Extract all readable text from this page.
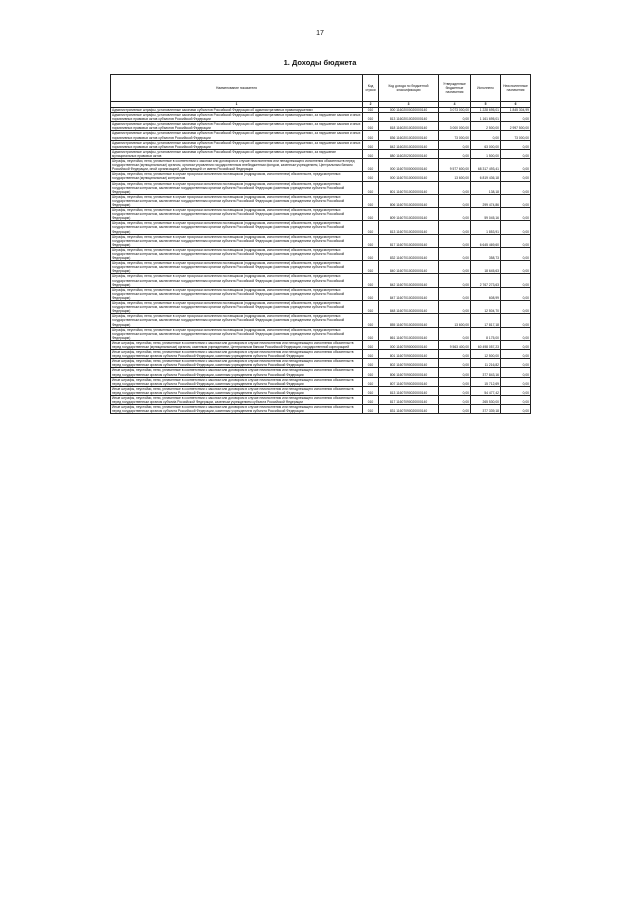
17
1. Доходы бюджета
Наименование показателя	Код строки	Код дохода по бюджетной классификации	Утвержденные бюджетные назначения	Исполнено	Неисполненные назначения
1	2	3	4	5	6
Административные штрафы, установленные законами субъектов Российской Федерации об административных правонарушениях	010	000 11602000020000140	3 073 000,00	1 228 695,01	1 845 304,99
Административные штрафы, установленные законами субъектов Российской Федерации об административных правонарушениях, за нарушение законов и иных нормативных правовых актов субъектов Российской Федерации	010	813 11602010020000140	0,00	1 161 695,01	0,00
Административные штрафы, установленные законами субъектов Российской Федерации об административных правонарушениях, за нарушение законов и иных нормативных правовых актов субъектов Российской Федерации	010	818 11602010020000140	3 000 000,00	2 500,00	2 997 500,00
Административные штрафы, установленные законами субъектов Российской Федерации об административных правонарушениях, за нарушение законов и иных нормативных правовых актов субъектов Российской Федерации	010	836 11602010020000140	73 000,00	0,00	73 000,00
Административные штрафы, установленные законами субъектов Российской Федерации об административных правонарушениях, за нарушение законов и иных нормативных правовых актов субъектов Российской Федерации	010	842 11602010020000140	0,00	63 000,00	0,00
Административные штрафы, установленные законами субъектов Российской Федерации об административных правонарушениях, за нарушение муниципальных правовых актов	010	880 11602020020000140	0,00	1 500,00	0,00
Штрафы, неустойки, пени, уплаченные в соответствии с законом или договором в случае неисполнения или ненадлежащего исполнения обязательств перед государственным (муниципальным) органом, органом управления государственным внебюджетным фондом, казенным учреждением, Центральным банком Российской Федерации, иной организацией, действующей от имени Российской Федерации	010	000 11607000000000140	9 577 600,00	68 317 493,41	0,00
Штрафы, неустойки, пени, уплаченные в случае просрочки исполнения поставщиком (подрядчиком, исполнителем) обязательств, предусмотренных государственным (муниципальным) контрактом	010	000 11607010000000140	13 600,00	6 819 436,18	0,00
Штрафы, неустойки, пени, уплаченные в случае просрочки исполнения поставщиком (подрядчиком, исполнителем) обязательств, предусмотренных государственным контрактом, заключенным государственным органом субъекта Российской Федерации (казенным учреждением субъекта Российской Федерации)	010	801 11607010020000140	0,00	138,18	0,00
Штрафы, неустойки, пени, уплаченные в случае просрочки исполнения поставщиком (подрядчиком, исполнителем) обязательств, предусмотренных государственным контрактом, заключенным государственным органом субъекта Российской Федерации (казенным учреждением субъекта Российской Федерации)	010	806 11607010020000140	0,00	299 474,86	0,00
Штрафы, неустойки, пени, уплаченные в случае просрочки исполнения поставщиком (подрядчиком, исполнителем) обязательств, предусмотренных государственным контрактом, заключенным государственным органом субъекта Российской Федерации (казенным учреждением субъекта Российской Федерации)	010	809 11607010020000140	0,00	59 045,16	0,00
Штрафы, неустойки, пени, уплаченные в случае просрочки исполнения поставщиком (подрядчиком, исполнителем) обязательств, предусмотренных государственным контрактом, заключенным государственным органом субъекта Российской Федерации (казенным учреждением субъекта Российской Федерации)	010	813 11607010020000140	0,00	1 853,91	0,00
Штрафы, неустойки, пени, уплаченные в случае просрочки исполнения поставщиком (подрядчиком, исполнителем) обязательств, предусмотренных государственным контрактом, заключенным государственным органом субъекта Российской Федерации (казенным учреждением субъекта Российской Федерации)	010	817 11607010020000140	0,00	6 645 469,60	0,00
Штрафы, неустойки, пени, уплаченные в случае просрочки исполнения поставщиком (подрядчиком, исполнителем) обязательств, предусмотренных государственным контрактом, заключенным государственным органом субъекта Российской Федерации (казенным учреждением субъекта Российской Федерации)	010	832 11607010020000140	0,00	358,73	0,00
Штрафы, неустойки, пени, уплаченные в случае просрочки исполнения поставщиком (подрядчиком, исполнителем) обязательств, предусмотренных государственным контрактом, заключенным государственным органом субъекта Российской Федерации (казенным учреждением субъекта Российской Федерации)	010	840 11607010020000140	0,00	18 645,63	0,00
Штрафы, неустойки, пени, уплаченные в случае просрочки исполнения поставщиком (подрядчиком, исполнителем) обязательств, предусмотренных государственным контрактом, заключенным государственным органом субъекта Российской Федерации (казенным учреждением субъекта Российской Федерации)	010	842 11607010020000140	0,00	2 767 273,63	0,00
Штрафы, неустойки, пени, уплаченные в случае просрочки исполнения поставщиком (подрядчиком, исполнителем) обязательств, предусмотренных государственным контрактом, заключенным государственным органом субъекта Российской Федерации (казенным учреждением субъекта Российской Федерации)	010	847 11607010020000140	0,00	608,99	0,00
Штрафы, неустойки, пени, уплаченные в случае просрочки исполнения поставщиком (подрядчиком, исполнителем) обязательств, предусмотренных государственным контрактом, заключенным государственным органом субъекта Российской Федерации (казенным учреждением субъекта Российской Федерации)	010	848 11607010020000140	0,00	12 504,70	0,00
Штрафы, неустойки, пени, уплаченные в случае просрочки исполнения поставщиком (подрядчиком, исполнителем) обязательств, предусмотренных государственным контрактом, заключенным государственным органом субъекта Российской Федерации (казенным учреждением субъекта Российской Федерации)	010	855 11607010020000140	13 600,00	17 817,18	0,00
Штрафы, неустойки, пени, уплаченные в случае просрочки исполнения поставщиком (подрядчиком, исполнителем) обязательств, предусмотренных государственным контрактом, заключенным государственным органом субъекта Российской Федерации (казенным учреждением субъекта Российской Федерации)	010	861 11607010020000140	0,00	8 175,00	0,00
Иные штрафы, неустойки, пени, уплаченные в соответствии с законом или договором в случае неисполнения или ненадлежащего исполнения обязательств перед государственным (муниципальным) органом, казенным учреждением, Центральным банком Российской Федерации, государственной корпорацией	010	000 11607090000000140	9 563 400,00	60 498 057,23	0,00
Иные штрафы, неустойки, пени, уплаченные в соответствии с законом или договором в случае неисполнения или ненадлежащего исполнения обязательств перед государственным органом субъекта Российской Федерации, казенным учреждением субъекта Российской Федерации	010	801 11607090020000140	0,00	12 500,00	0,00
Иные штрафы, неустойки, пени, уплаченные в соответствии с законом или договором в случае неисполнения или ненадлежащего исполнения обязательств перед государственным органом субъекта Российской Федерации, казенным учреждением субъекта Российской Федерации	010	802 11607090020000140	0,00	11 216,82	0,00
Иные штрафы, неустойки, пени, уплаченные в соответствии с законом или договором в случае неисполнения или ненадлежащего исполнения обязательств перед государственным органом субъекта Российской Федерации, казенным учреждением субъекта Российской Федерации	010	806 11607090020000140	0,00	377 843,16	0,00
Иные штрафы, неустойки, пени, уплаченные в соответствии с законом или договором в случае неисполнения или ненадлежащего исполнения обязательств перед государственным органом субъекта Российской Федерации, казенным учреждением субъекта Российской Федерации	010	807 11607090020000140	0,00	15 712,69	0,00
Иные штрафы, неустойки, пени, уплаченные в соответствии с законом или договором в случае неисполнения или ненадлежащего исполнения обязательств перед государственным органом субъекта Российской Федерации, казенным учреждением субъекта Российской Федерации	010	813 11607090020000140	0,00	54 477,42	0,00
Иные штрафы, неустойки, пени, уплаченные в соответствии с законом или договором в случае неисполнения или ненадлежащего исполнения обязательств перед государственным органом субъекta Российской Федерации, казенным учреждением субъекта Российской Федерации	010	817 11607090020000140	0,00	265 530,00	0,00
Иные штрафы, неустойки, пени, уплаченные в соответствии с законом или договором в случае неисполнения или ненадлежащего исполнения обязательств перед государственным органом субъекта Российской Федерации, казенным учреждением субъекта Российской Федерации	010	831 11607090020000140	0,00	377 339,18	0,00
